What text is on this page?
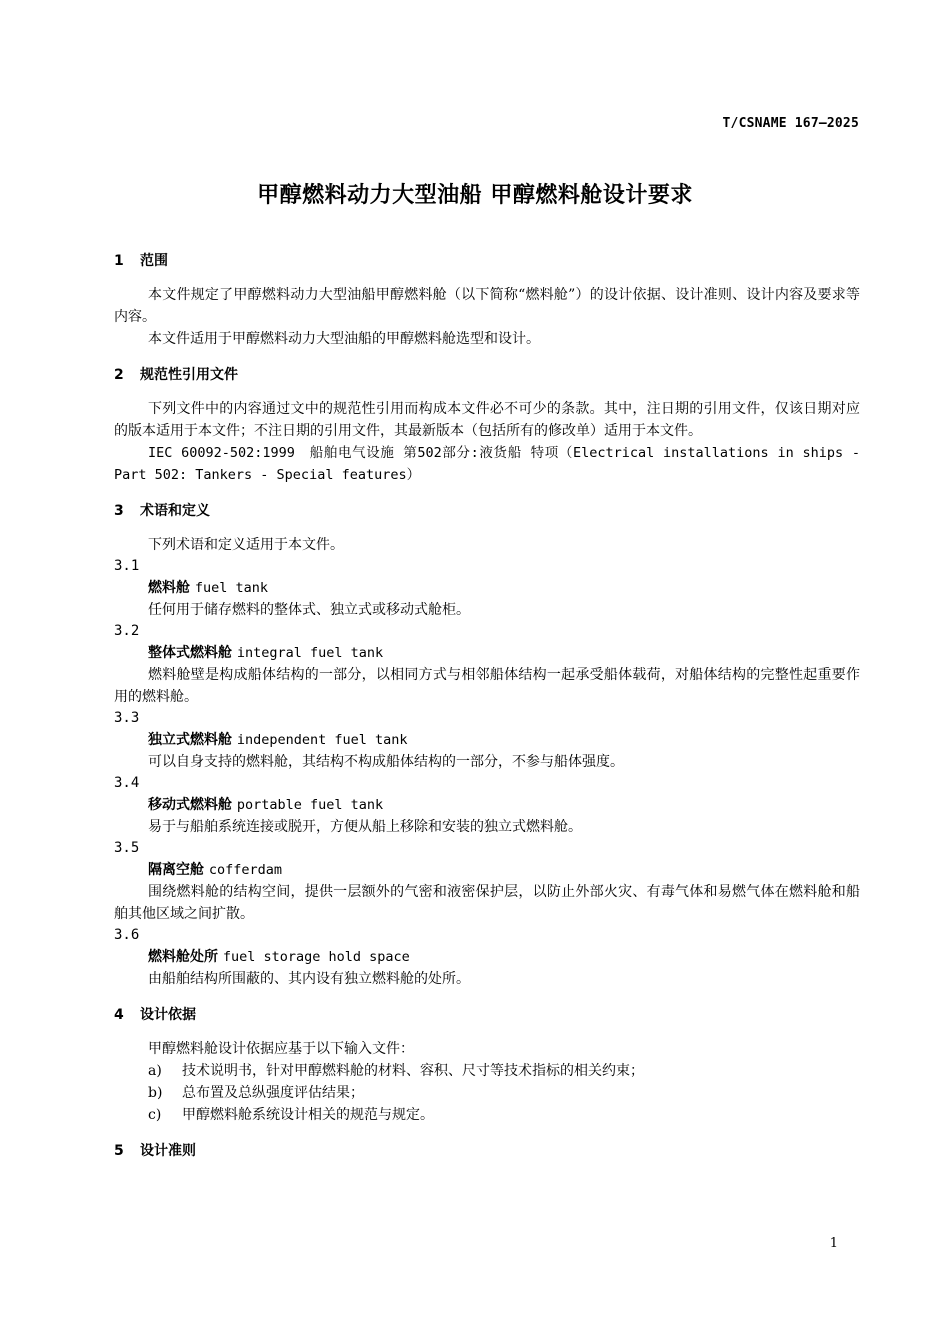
T/CSNAME 167—2025
甲醇燃料动力大型油船 甲醇燃料舱设计要求
1 范围
本文件规定了甲醇燃料动力大型油船甲醇燃料舱（以下简称“燃料舱”）的设计依据、设计准则、设计内容及要求等内容。
本文件适用于甲醇燃料动力大型油船的甲醇燃料舱选型和设计。
2 规范性引用文件
下列文件中的内容通过文中的规范性引用而构成本文件必不可少的条款。其中，注日期的引用文件，仅该日期对应的版本适用于本文件；不注日期的引用文件，其最新版本（包括所有的修改单）适用于本文件。
IEC 60092-502:1999　船舶电气设施 第502部分:液货船 特项（Electrical installations in ships - Part 502: Tankers - Special features）
3 术语和定义
下列术语和定义适用于本文件。
3.1
燃料舱 fuel tank
任何用于储存燃料的整体式、独立式或移动式舱柜。
3.2
整体式燃料舱 integral fuel tank
燃料舱壁是构成船体结构的一部分，以相同方式与相邻船体结构一起承受船体载荷，对船体结构的完整性起重要作用的燃料舱。
3.3
独立式燃料舱 independent fuel tank
可以自身支持的燃料舱，其结构不构成船体结构的一部分，不参与船体强度。
3.4
移动式燃料舱 portable fuel tank
易于与船舶系统连接或脱开，方便从船上移除和安装的独立式燃料舱。
3.5
隔离空舱 cofferdam
围绕燃料舱的结构空间，提供一层额外的气密和液密保护层，以防止外部火灾、有毒气体和易燃气体在燃料舱和船舶其他区域之间扩散。
3.6
燃料舱处所 fuel storage hold space
由船舶结构所围蔽的、其内设有独立燃料舱的处所。
4 设计依据
甲醇燃料舱设计依据应基于以下输入文件：
a) 技术说明书，针对甲醇燃料舱的材料、容积、尺寸等技术指标的相关约束；
b) 总布置及总纵强度评估结果；
c) 甲醇燃料舱系统设计相关的规范与规定。
5 设计准则
1
